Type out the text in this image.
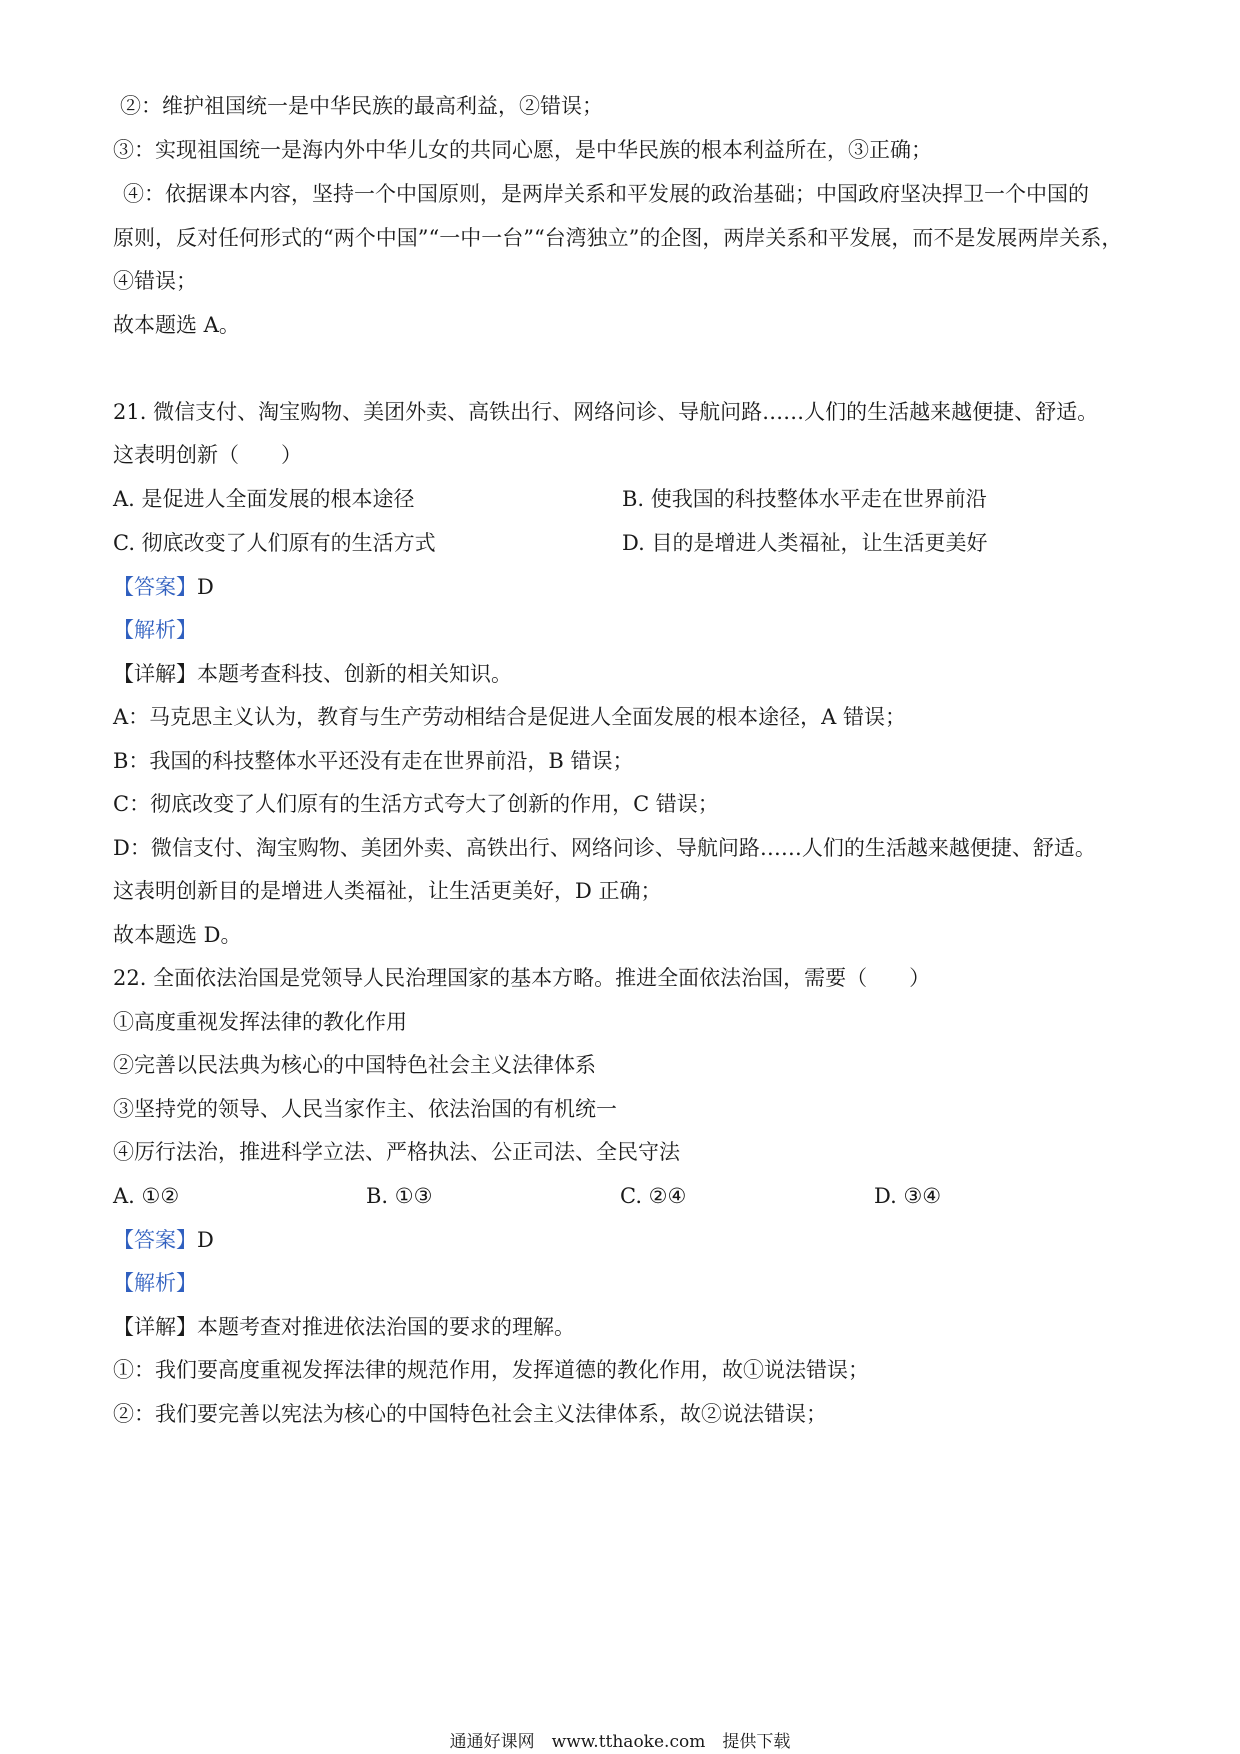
②：维护祖国统一是中华民族的最高利益，②错误；
③：实现祖国统一是海内外中华儿女的共同心愿，是中华民族的根本利益所在，③正确；
④：依据课本内容，坚持一个中国原则，是两岸关系和平发展的政治基础；中国政府坚决捍卫一个中国的
原则，反对任何形式的“两个中国”“一中一台”“台湾独立”的企图，两岸关系和平发展，而不是发展两岸关系，
④错误；
故本题选 A。
21. 微信支付、淘宝购物、美团外卖、高铁出行、网络问诊、导航问路……人们的生活越来越便捷、舒适。
这表明创新（　　）
A. 是促进人全面发展的根本途径	B. 使我国的科技整体水平走在世界前沿
C. 彻底改变了人们原有的生活方式	D. 目的是增进人类福祉，让生活更美好
【答案】D
【解析】
【详解】本题考查科技、创新的相关知识。
A：马克思主义认为，教育与生产劳动相结合是促进人全面发展的根本途径，A 错误；
B：我国的科技整体水平还没有走在世界前沿，B 错误；
C：彻底改变了人们原有的生活方式夸大了创新的作用，C 错误；
D：微信支付、淘宝购物、美团外卖、高铁出行、网络问诊、导航问路……人们的生活越来越便捷、舒适。
这表明创新目的是增进人类福祉，让生活更美好，D 正确；
故本题选 D。
22. 全面依法治国是党领导人民治理国家的基本方略。推进全面依法治国，需要（　　）
①高度重视发挥法律的教化作用
②完善以民法典为核心的中国特色社会主义法律体系
③坚持党的领导、人民当家作主、依法治国的有机统一
④厉行法治，推进科学立法、严格执法、公正司法、全民守法
A. ①②	B. ①③	C. ②④	D. ③④
【答案】D
【解析】
【详解】本题考查对推进依法治国的要求的理解。
①：我们要高度重视发挥法律的规范作用，发挥道德的教化作用，故①说法错误；
②：我们要完善以宪法为核心的中国特色社会主义法律体系，故②说法错误；
通通好课网　www.tthaoke.com　提供下载
